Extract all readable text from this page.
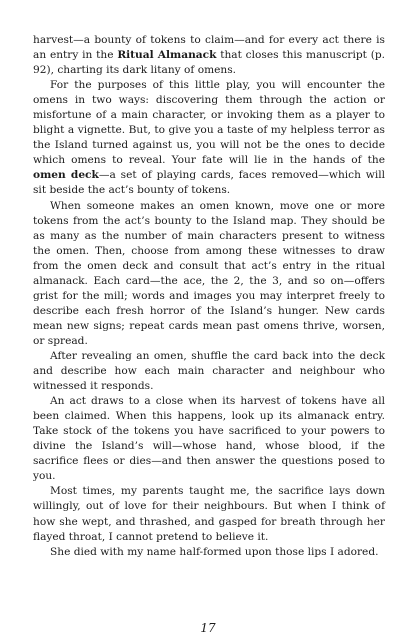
harvest—a bounty of tokens to claim—and for every act there is an entry in the Ritual Almanack that closes this manuscript (p. 92), charting its dark litany of omens.

For the purposes of this little play, you will encounter the omens in two ways: discovering them through the action or misfortune of a main character, or invoking them as a player to blight a vignette. But, to give you a taste of my helpless terror as the Island turned against us, you will not be the ones to decide which omens to reveal. Your fate will lie in the hands of the omen deck—a set of playing cards, faces removed—which will sit beside the act’s bounty of tokens.

When someone makes an omen known, move one or more tokens from the act’s bounty to the Island map. They should be as many as the number of main characters present to witness the omen. Then, choose from among these witnesses to draw from the omen deck and consult that act’s entry in the ritual almanack. Each card—the ace, the 2, the 3, and so on—offers grist for the mill; words and images you may interpret freely to describe each fresh horror of the Island’s hunger. New cards mean new signs; repeat cards mean past omens thrive, worsen, or spread.

After revealing an omen, shuffle the card back into the deck and describe how each main character and neighbour who witnessed it responds.

An act draws to a close when its harvest of tokens have all been claimed. When this happens, look up its almanack entry. Take stock of the tokens you have sacrificed to your powers to divine the Island’s will—whose hand, whose blood, if the sacrifice flees or dies—and then answer the questions posed to you.

Most times, my parents taught me, the sacrifice lays down willingly, out of love for their neighbours. But when I think of how she wept, and thrashed, and gasped for breath through her flayed throat, I cannot pretend to believe it.

She died with my name half-formed upon those lips I adored.

17
